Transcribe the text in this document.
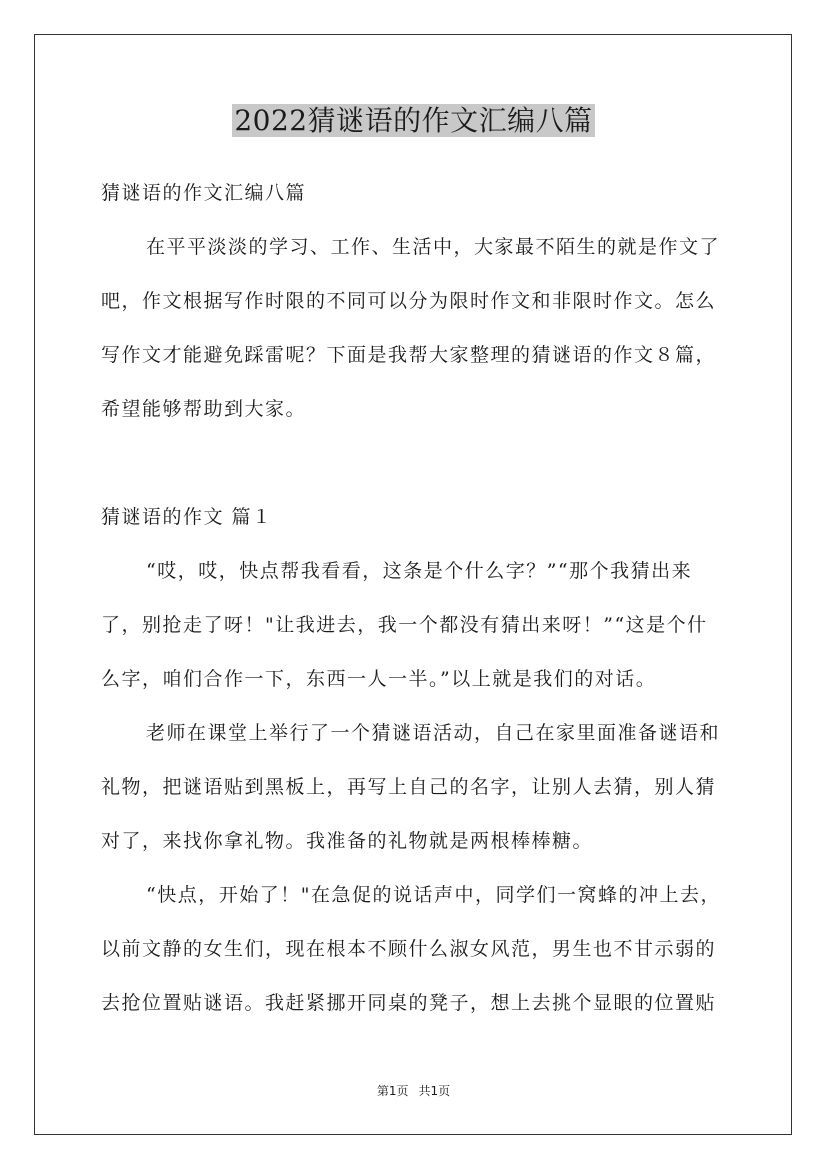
2022猜谜语的作文汇编八篇
猜谜语的作文汇编八篇
在平平淡淡的学习、工作、生活中，大家最不陌生的就是作文了
吧，作文根据写作时限的不同可以分为限时作文和非限时作文。怎么
写作文才能避免踩雷呢？下面是我帮大家整理的猜谜语的作文８篇，
希望能够帮助到大家。
猜谜语的作文 篇１
“哎，哎，快点帮我看看，这条是个什么字？”“那个我猜出来
了，别抢走了呀！"让我进去，我一个都没有猜出来呀！”“这是个什
么字，咱们合作一下，东西一人一半。”以上就是我们的对话。
老师在课堂上举行了一个猜谜语活动，自己在家里面准备谜语和
礼物，把谜语贴到黑板上，再写上自己的名字，让别人去猜，别人猜
对了，来找你拿礼物。我准备的礼物就是两根棒棒糖。
“快点，开始了！"在急促的说话声中，同学们一窝蜂的冲上去，
以前文静的女生们，现在根本不顾什么淑女风范，男生也不甘示弱的
去抢位置贴谜语。我赶紧挪开同桌的凳子，想上去挑个显眼的位置贴
第1页 共1页
